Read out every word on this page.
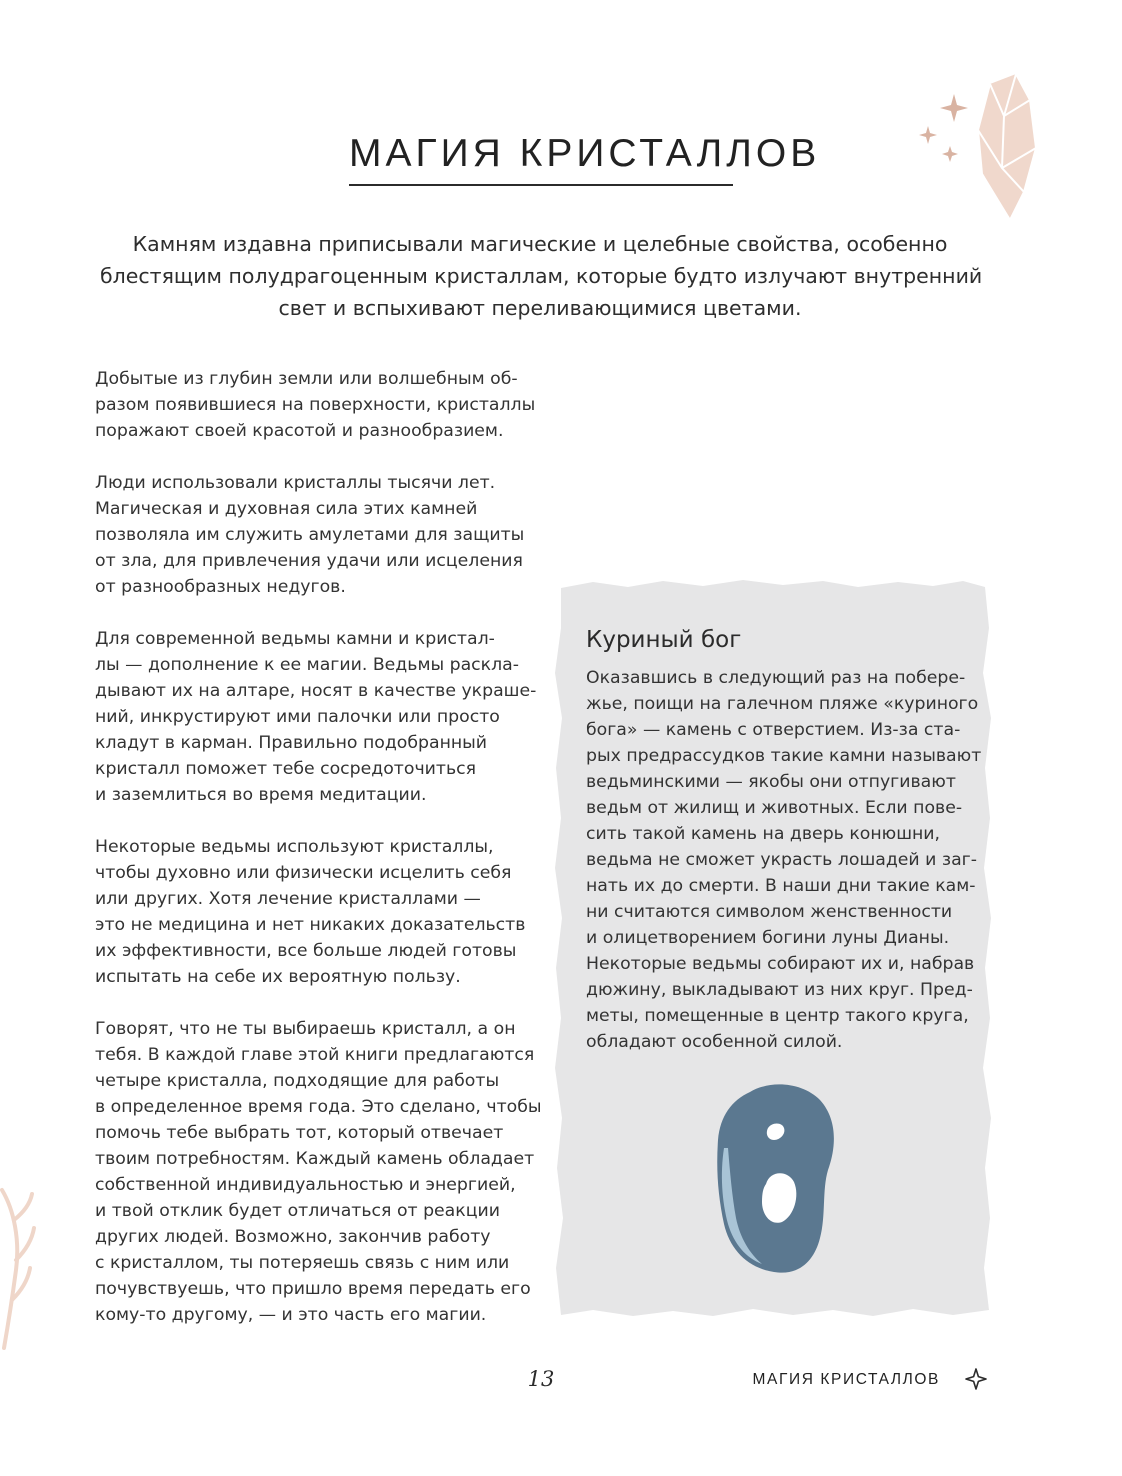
МАГИЯ КРИСТАЛЛОВ
Камням издавна приписывали магические и целебные свойства, особенно
блестящим полудрагоценным кристаллам, которые будто излучают внутренний
свет и вспыхивают переливающимися цветами.

Добытые из глубин земли или волшебным об-
разом появившиеся на поверхности, кристаллы
поражают своей красотой и разнообразием.

Люди использовали кристаллы тысячи лет.
Магическая и духовная сила этих камней
позволяла им служить амулетами для защиты
от зла, для привлечения удачи или исцеления
от разнообразных недугов.

Для современной ведьмы камни и кристал-
лы — дополнение к ее магии. Ведьмы раскла-
дывают их на алтаре, носят в качестве украше-
ний, инкрустируют ими палочки или просто
кладут в карман. Правильно подобранный
кристалл поможет тебе сосредоточиться
и заземлиться во время медитации.

Некоторые ведьмы используют кристаллы,
чтобы духовно или физически исцелить себя
или других. Хотя лечение кристаллами —
это не медицина и нет никаких доказательств
их эффективности, все больше людей готовы
испытать на себе их вероятную пользу.

Говорят, что не ты выбираешь кристалл, а он
тебя. В каждой главе этой книги предлагаются
четыре кристалла, подходящие для работы
в определенное время года. Это сделано, чтобы
помочь тебе выбрать тот, который отвечает
твоим потребностям. Каждый камень обладает
собственной индивидуальностью и энергией,
и твой отклик будет отличаться от реакции
других людей. Возможно, закончив работу
с кристаллом, ты потеряешь связь с ним или
почувствуешь, что пришло время передать его
кому-то другому, — и это часть его магии.

Куриный бог
Оказавшись в следующий раз на побере-
жье, поищи на галечном пляже «куриного
бога» — камень с отверстием. Из-за ста-
рых предрассудков такие камни называют
ведьминскими — якобы они отпугивают
ведьм от жилищ и животных. Если пове-
сить такой камень на дверь конюшни,
ведьма не сможет украсть лошадей и заг-
нать их до смерти. В наши дни такие кам-
ни считаются символом женственности
и олицетворением богини луны Дианы.
Некоторые ведьмы собирают их и, набрав
дюжину, выкладывают из них круг. Пред-
меты, помещенные в центр такого круга,
обладают особенной силой.
13	МАГИЯ КРИСТАЛЛОВ
